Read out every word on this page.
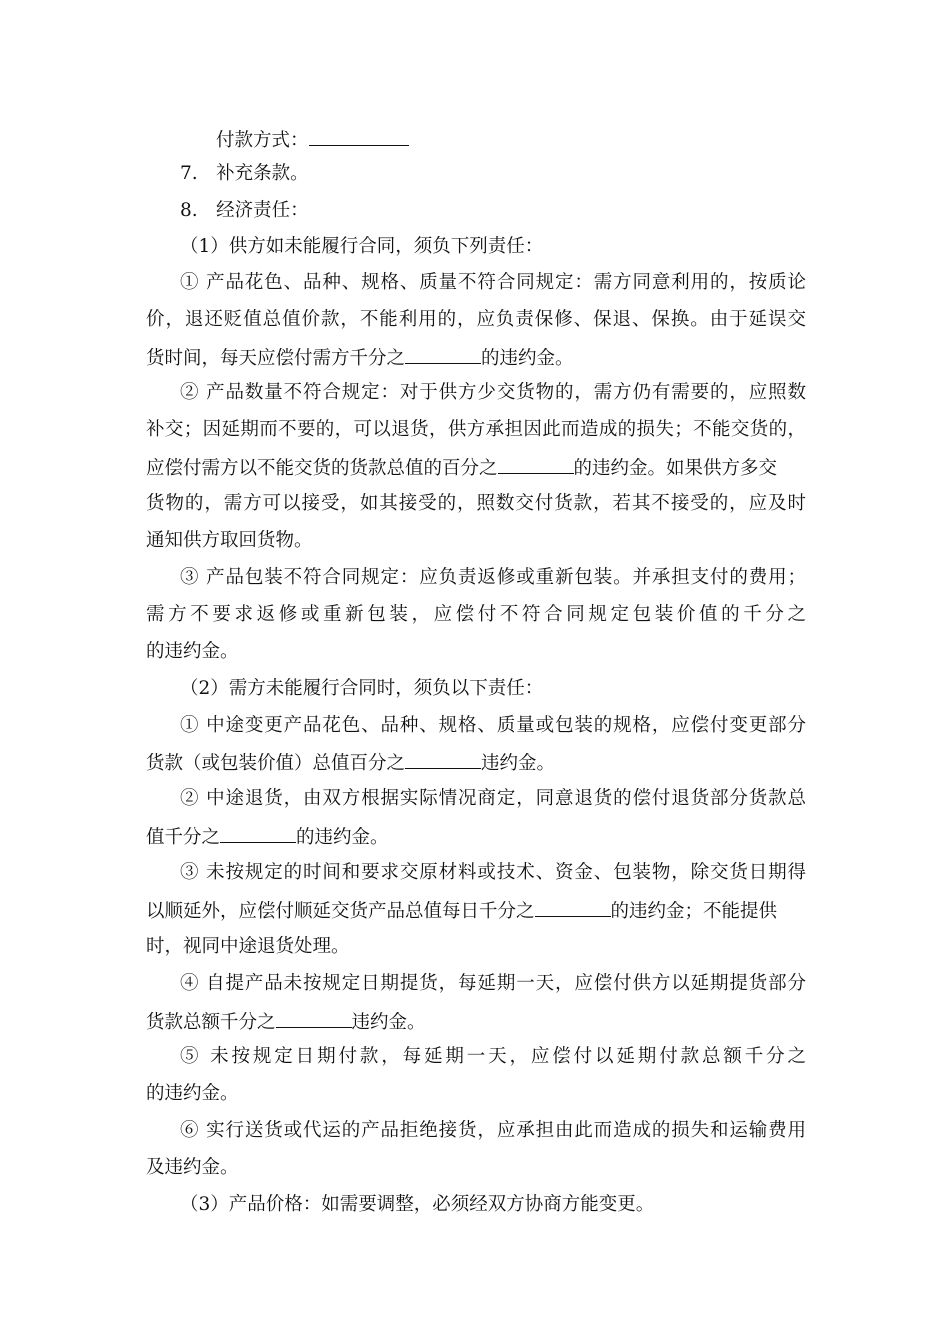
付款方式：
7.　补充条款。
8.　经济责任：
（1）供方如未能履行合同，须负下列责任：
① 产品花色、品种、规格、质量不符合同规定：需方同意利用的，按质论
价，退还贬值总值价款，不能利用的，应负责保修、保退、保换。由于延误交
货时间，每天应偿付需方千分之	的违约金。
② 产品数量不符合规定：对于供方少交货物的，需方仍有需要的，应照数
补交；因延期而不要的，可以退货，供方承担因此而造成的损失；不能交货的，
应偿付需方以不能交货的货款总值的百分之	的违约金。如果供方多交
货物的，需方可以接受，如其接受的，照数交付货款，若其不接受的，应及时
通知供方取回货物。
③ 产品包装不符合同规定：应负责返修或重新包装。并承担支付的费用；
需方不要求返修或重新包装，应偿付不符合同规定包装价值的千分之
的违约金。
（2）需方未能履行合同时，须负以下责任：
① 中途变更产品花色、品种、规格、质量或包装的规格，应偿付变更部分
货款（或包装价值）总值百分之	违约金。
② 中途退货，由双方根据实际情况商定，同意退货的偿付退货部分货款总
值千分之	的违约金。
③ 未按规定的时间和要求交原材料或技术、资金、包装物，除交货日期得
以顺延外，应偿付顺延交货产品总值每日千分之	的违约金；不能提供
时，视同中途退货处理。
④ 自提产品未按规定日期提货，每延期一天，应偿付供方以延期提货部分
货款总额千分之	违约金。
⑤ 未按规定日期付款，每延期一天，应偿付以延期付款总额千分之
的违约金。
⑥ 实行送货或代运的产品拒绝接货，应承担由此而造成的损失和运输费用
及违约金。
（3）产品价格：如需要调整，必须经双方协商方能变更。
